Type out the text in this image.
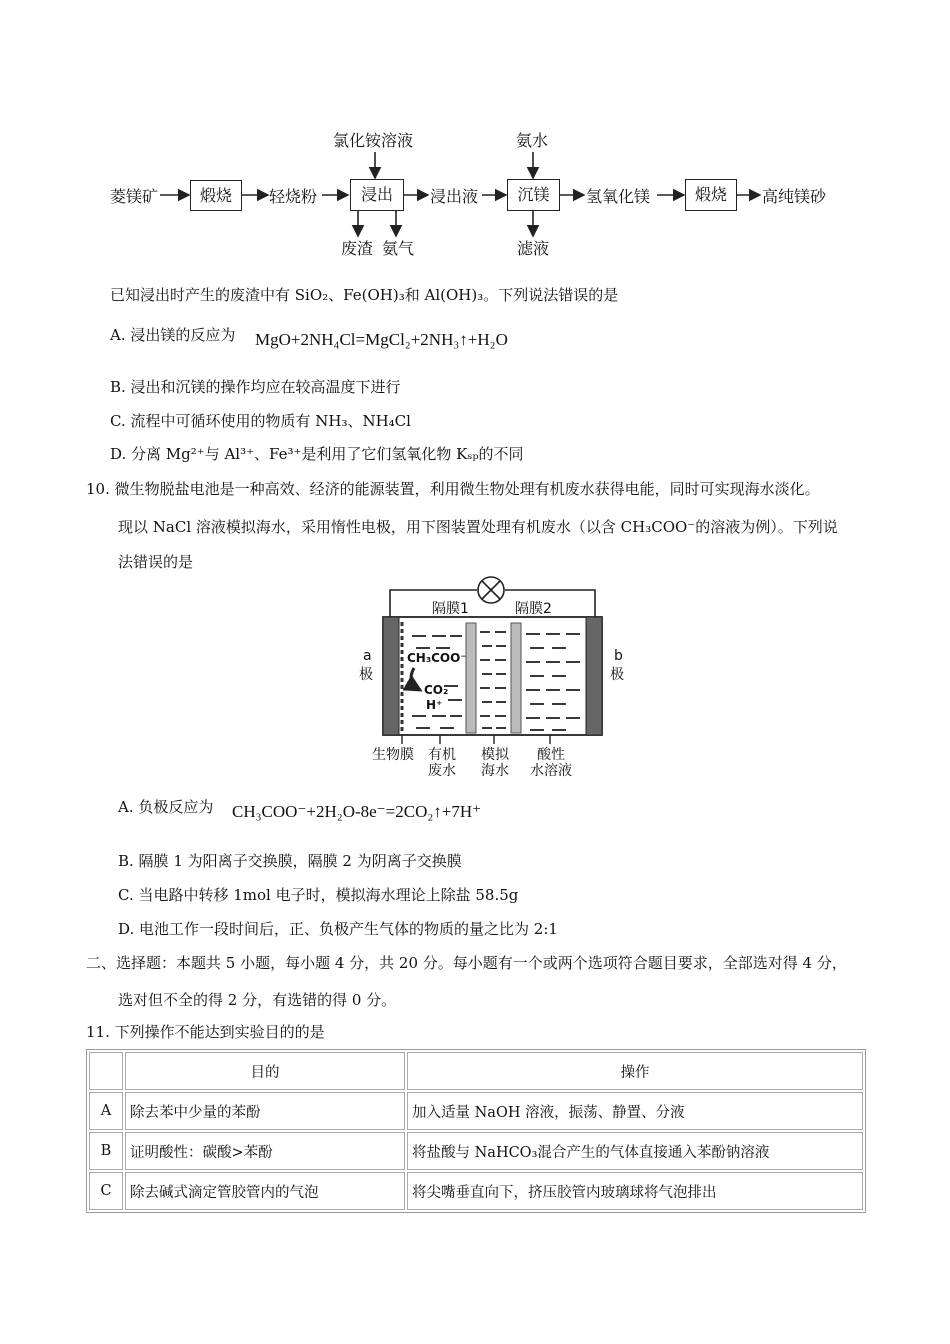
菱镁矿	煅烧	轻烧粉
氯化铵溶液
浸出
废渣 氨气
浸出液
氨水
沉镁
滤液
氢氧化镁	煅烧	高纯镁砂
已知浸出时产生的废渣中有 SiO₂、Fe(OH)₃和 Al(OH)₃。下列说法错误的是
A. 浸出镁的反应为 MgO+2NH₄Cl=MgCl₂+2NH₃↑+H₂O
B. 浸出和沉镁的操作均应在较高温度下进行
C. 流程中可循环使用的物质有 NH₃、NH₄Cl
D. 分离 Mg²⁺与 Al³⁺、Fe³⁺是利用了它们氢氧化物 Kₛₚ的不同
10. 微生物脱盐电池是一种高效、经济的能源装置，利用微生物处理有机废水获得电能，同时可实现海水淡化。
现以 NaCl 溶液模拟海水，采用惰性电极，用下图装置处理有机废水（以含 CH₃COO⁻的溶液为例）。下列说
法错误的是
隔膜1	隔膜2
a
极
b
极
CH₃COO⁻
CO₂
H⁺
生物膜 有机
废水
模拟
海水
酸性
水溶液
A. 负极反应为 CH₃COO⁻+2H₂O-8e⁻=2CO₂↑+7H⁺
B. 隔膜 1 为阳离子交换膜，隔膜 2 为阴离子交换膜
C. 当电路中转移 1mol 电子时，模拟海水理论上除盐 58.5g
D. 电池工作一段时间后，正、负极产生气体的物质的量之比为 2:1
二、选择题：本题共 5 小题，每小题 4 分，共 20 分。每小题有一个或两个选项符合题目要求，全部选对得 4 分，
选对但不全的得 2 分，有选错的得 0 分。
11. 下列操作不能达到实验目的的是
	目的	操作
A	除去苯中少量的苯酚	加入适量 NaOH 溶液，振荡、静置、分液
B	证明酸性：碳酸>苯酚	将盐酸与 NaHCO₃混合产生的气体直接通入苯酚钠溶液
C	除去碱式滴定管胶管内的气泡	将尖嘴垂直向下，挤压胶管内玻璃球将气泡排出
